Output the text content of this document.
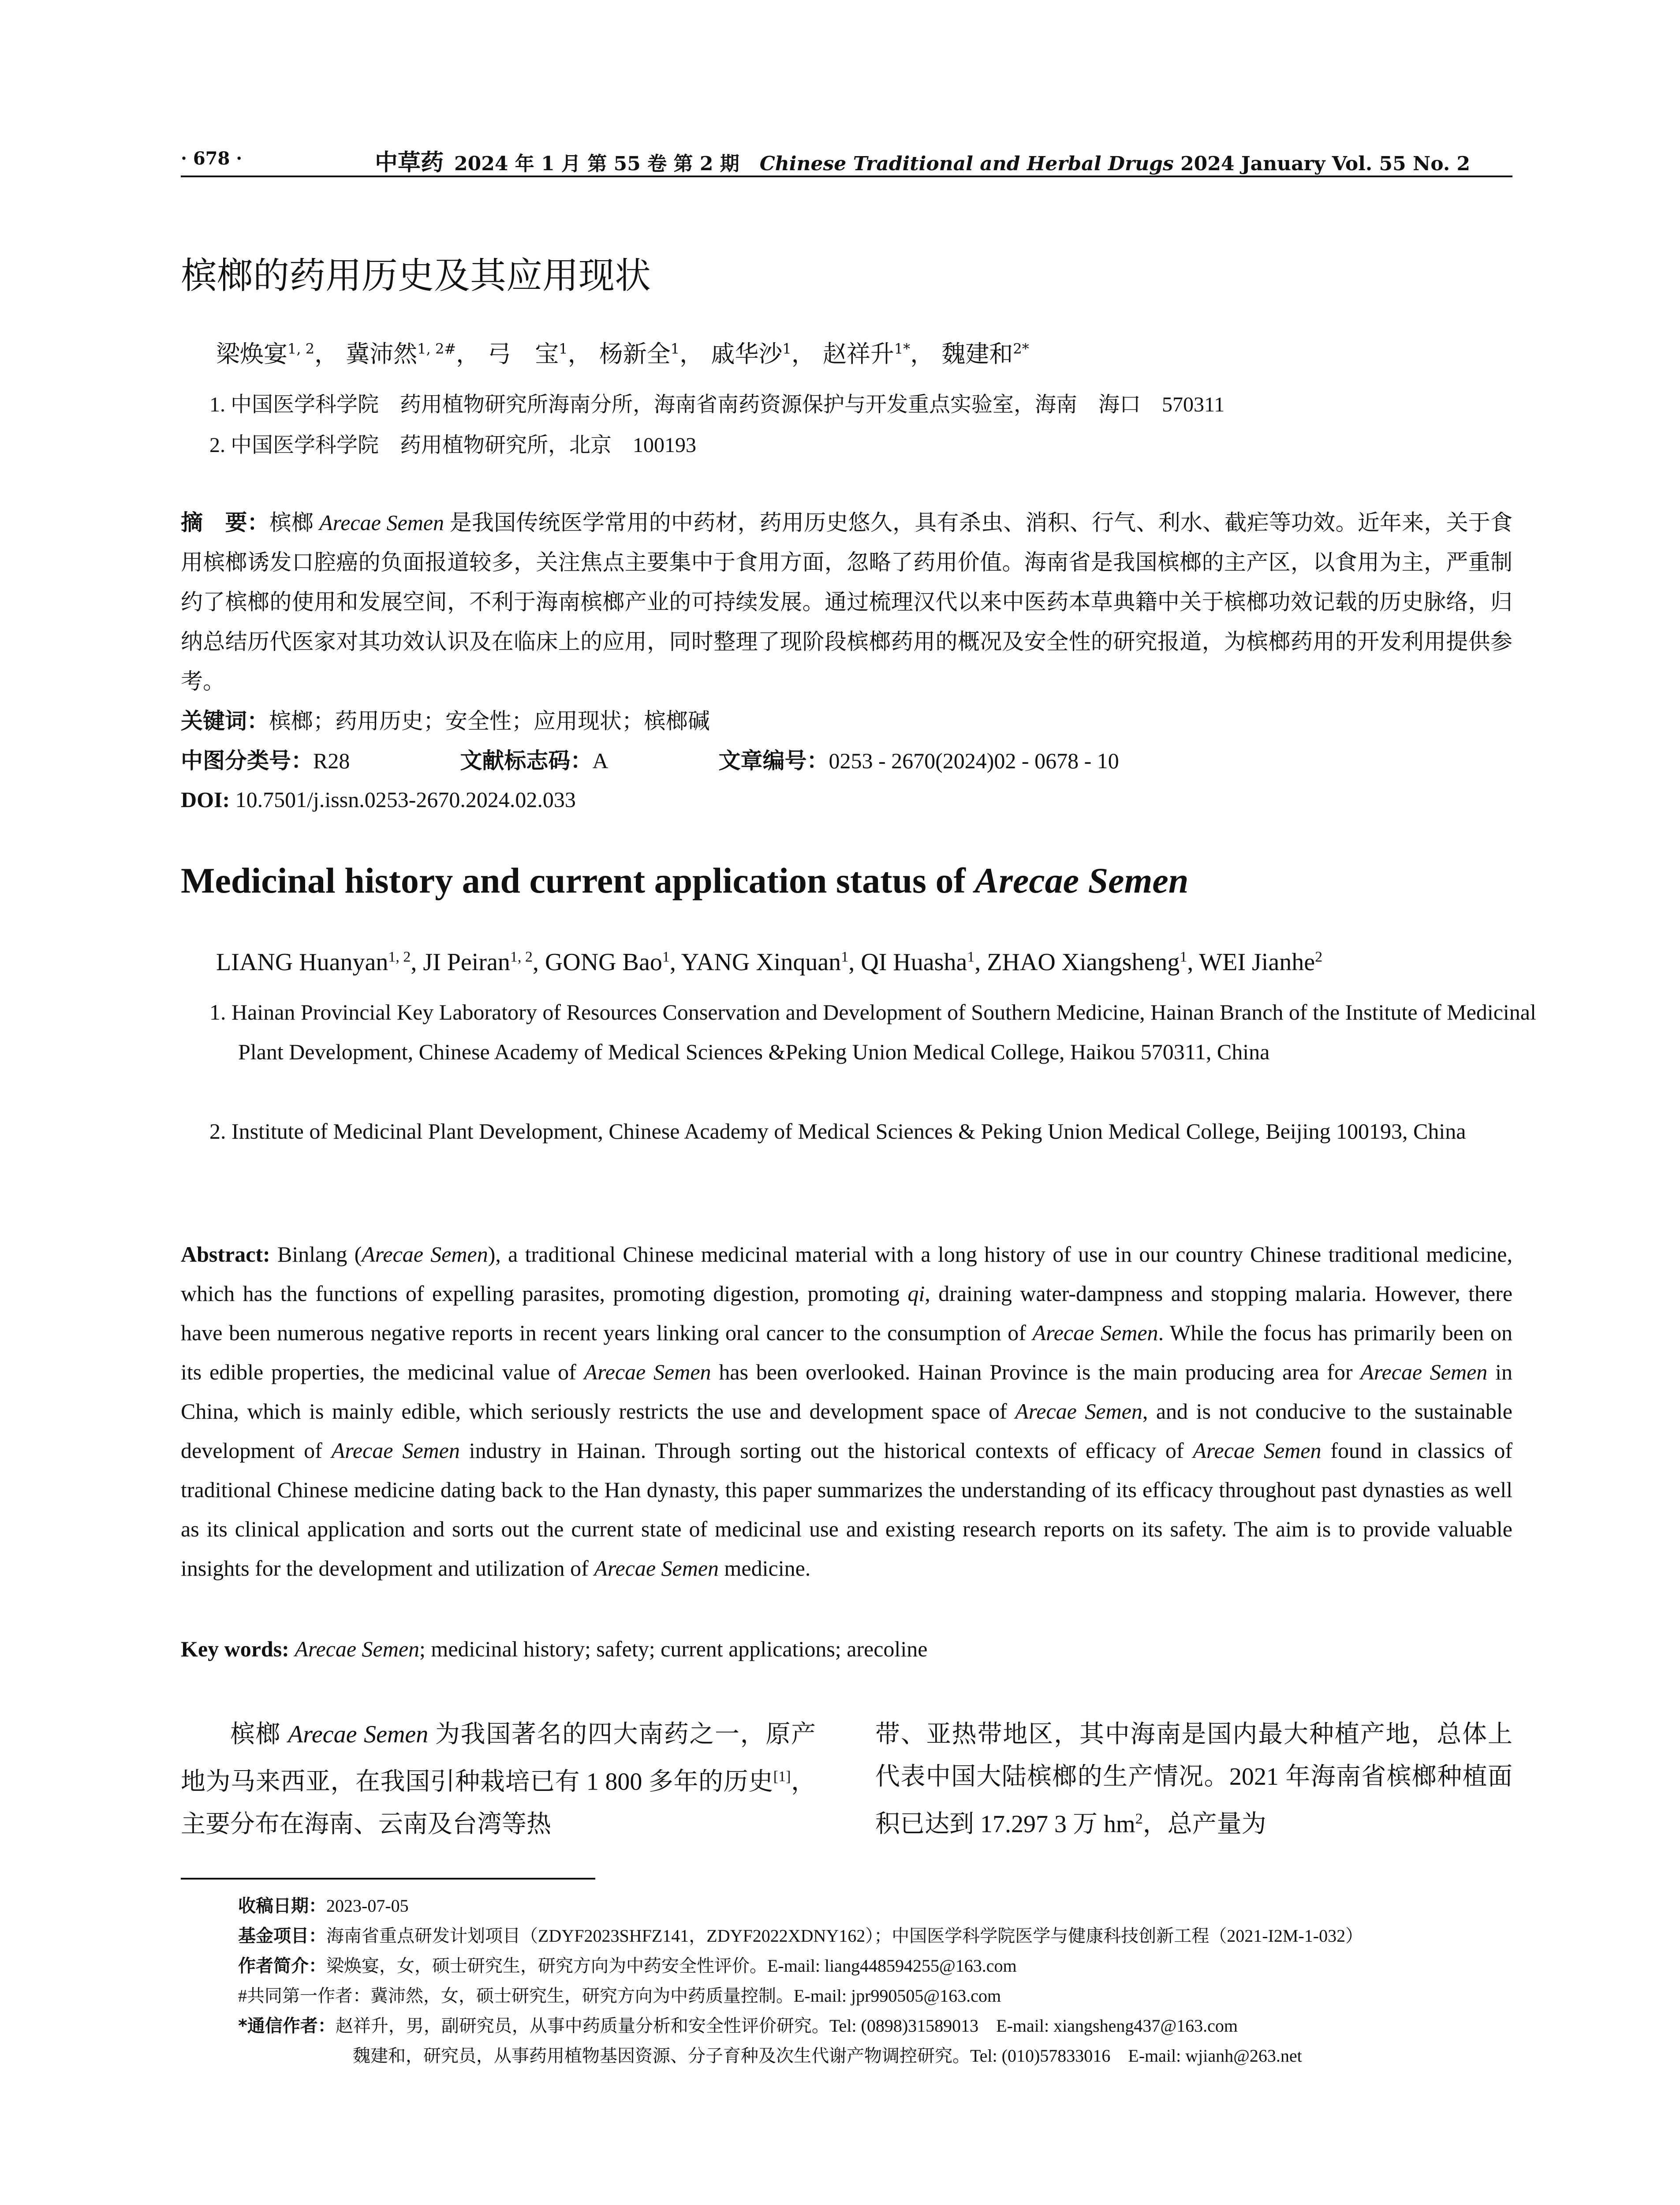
· 678 ·	中草药 2024 年 1 月 第 55 卷 第 2 期 Chinese Traditional and Herbal Drugs 2024 January Vol. 55 No. 2
槟榔的药用历史及其应用现状
梁焕宴$^{1, 2}$， 冀沛然$^{1, 2\#}$， 弓　宝$^1$， 杨新全$^1$， 戚华沙$^1$， 赵祥升$^{1*}$， 魏建和$^{2*}$
1. 中国医学科学院　药用植物研究所海南分所，海南省南药资源保护与开发重点实验室，海南　海口　570311
2. 中国医学科学院　药用植物研究所，北京　100193
摘　要：槟榔 Arecae Semen 是我国传统医学常用的中药材，药用历史悠久，具有杀虫、消积、行气、利水、截疟等功效。近年来，关于食用槟榔诱发口腔癌的负面报道较多，关注焦点主要集中于食用方面，忽略了药用价值。海南省是我国槟榔的主产区，以食用为主，严重制约了槟榔的使用和发展空间，不利于海南槟榔产业的可持续发展。通过梳理汉代以来中医药本草典籍中关于槟榔功效记载的历史脉络，归纳总结历代医家对其功效认识及在临床上的应用，同时整理了现阶段槟榔药用的概况及安全性的研究报道，为槟榔药用的开发利用提供参考。
关键词：槟榔；药用历史；安全性；应用现状；槟榔碱
中图分类号：R28	文献标志码：A	文章编号：0253 - 2670(2024)02 - 0678 - 10
DOI: 10.7501/j.issn.0253-2670.2024.02.033
Medicinal history and current application status of Arecae Semen
LIANG Huanyan$^{1, 2}$, JI Peiran$^{1, 2}$, GONG Bao$^1$, YANG Xinquan$^1$, QI Huasha$^1$, ZHAO Xiangsheng$^1$, WEI Jianhe$^2$
1. Hainan Provincial Key Laboratory of Resources Conservation and Development of Southern Medicine, Hainan Branch of the Institute of Medicinal Plant Development, Chinese Academy of Medical Sciences &Peking Union Medical College, Haikou 570311, China
2. Institute of Medicinal Plant Development, Chinese Academy of Medical Sciences & Peking Union Medical College, Beijing 100193, China
Abstract: Binlang (Arecae Semen), a traditional Chinese medicinal material with a long history of use in our country Chinese traditional medicine, which has the functions of expelling parasites, promoting digestion, promoting qi, draining water-dampness and stopping malaria. However, there have been numerous negative reports in recent years linking oral cancer to the consumption of Arecae Semen. While the focus has primarily been on its edible properties, the medicinal value of Arecae Semen has been overlooked. Hainan Province is the main producing area for Arecae Semen in China, which is mainly edible, which seriously restricts the use and development space of Arecae Semen, and is not conducive to the sustainable development of Arecae Semen industry in Hainan. Through sorting out the historical contexts of efficacy of Arecae Semen found in classics of traditional Chinese medicine dating back to the Han dynasty, this paper summarizes the understanding of its efficacy throughout past dynasties as well as its clinical application and sorts out the current state of medicinal use and existing research reports on its safety. The aim is to provide valuable insights for the development and utilization of Arecae Semen medicine.
Key words: Arecae Semen; medicinal history; safety; current applications; arecoline
槟榔 Arecae Semen 为我国著名的四大南药之一，原产地为马来西亚，在我国引种栽培已有 1 800 多年的历史[1]，主要分布在海南、云南及台湾等热
带、亚热带地区，其中海南是国内最大种植产地，总体上代表中国大陆槟榔的生产情况。2021 年海南省槟榔种植面积已达到 17.297 3 万 $hm^2$，总产量为
收稿日期：2023-07-05
基金项目：海南省重点研发计划项目（ZDYF2023SHFZ141，ZDYF2022XDNY162）；中国医学科学院医学与健康科技创新工程（2021-I2M-1-032）
作者简介：梁焕宴，女，硕士研究生，研究方向为中药安全性评价。E-mail: liang448594255@163.com
#共同第一作者：冀沛然，女，硕士研究生，研究方向为中药质量控制。E-mail: jpr990505@163.com
*通信作者：赵祥升，男，副研究员，从事中药质量分析和安全性评价研究。Tel: (0898)31589013　E-mail: xiangsheng437@163.com
魏建和，研究员，从事药用植物基因资源、分子育种及次生代谢产物调控研究。Tel: (010)57833016　E-mail: wjianh@263.net
